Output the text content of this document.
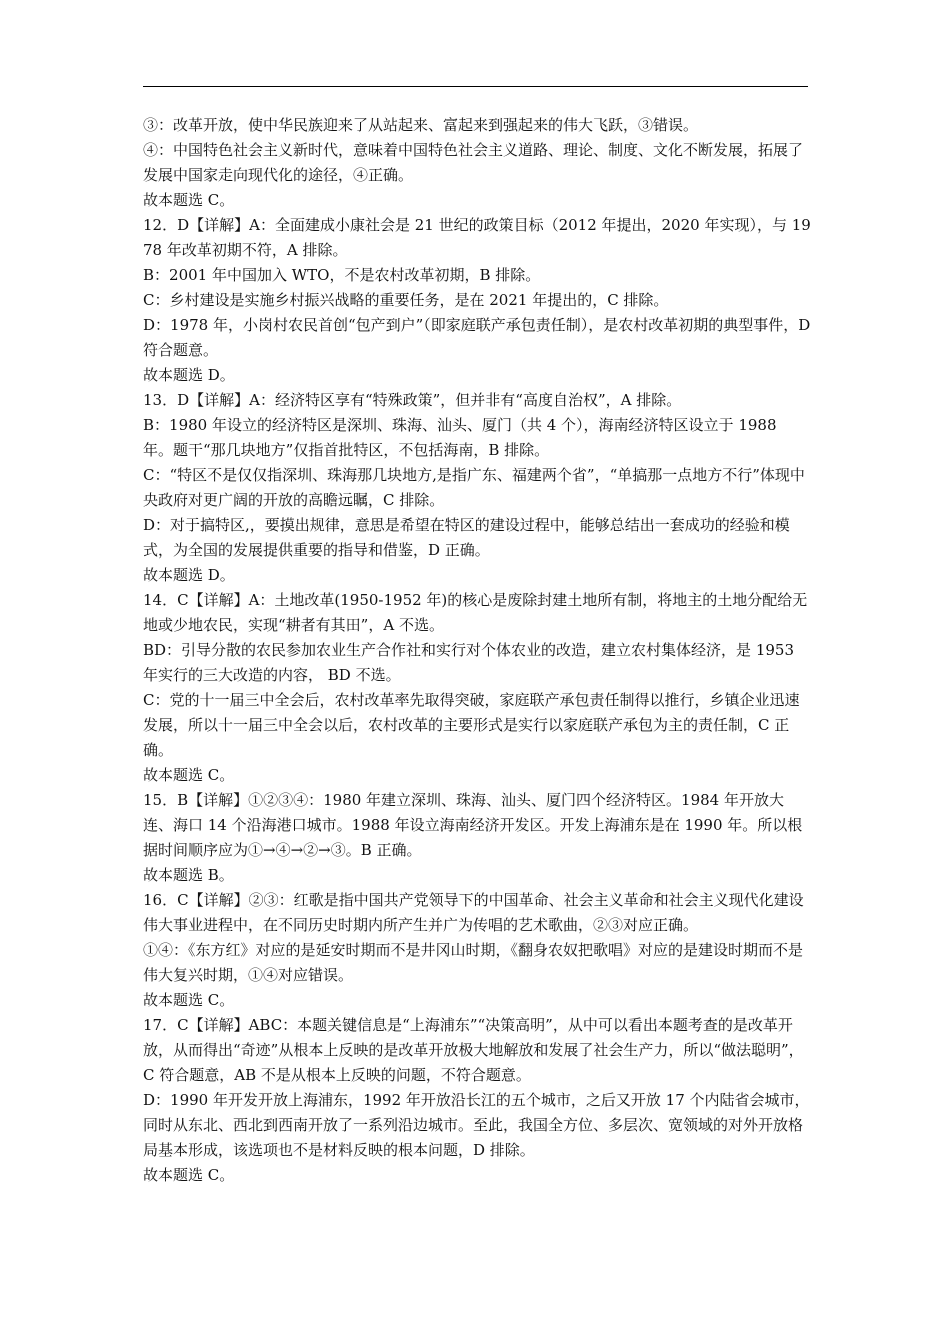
③：改革开放，使中华民族迎来了从站起来、富起来到强起来的伟大飞跃，③错误。

④：中国特色社会主义新时代，意味着中国特色社会主义道路、理论、制度、文化不断发展，拓展了发展中国家走向现代化的途径，④正确。

故本题选 C。

12．D【详解】A：全面建成小康社会是 21 世纪的政策目标（2012 年提出，2020 年实现），与 1978 年改革初期不符，A 排除。

B：2001 年中国加入 WTO，不是农村改革初期，B 排除。

C：乡村建设是实施乡村振兴战略的重要任务，是在 2021 年提出的，C 排除。

D：1978 年，小岗村农民首创“包产到户”（即家庭联产承包责任制），是农村改革初期的典型事件，D 符合题意。

故本题选 D。

13．D【详解】A：经济特区享有“特殊政策”，但并非有“高度自治权”，A 排除。

B：1980 年设立的经济特区是深圳、珠海、汕头、厦门（共 4 个），海南经济特区设立于 1988 年。题干“那几块地方”仅指首批特区，不包括海南，B 排除。

C：“特区不是仅仅指深圳、珠海那几块地方,是指广东、福建两个省”，“单搞那一点地方不行”体现中央政府对更广阔的开放的高瞻远瞩，C 排除。

D：对于搞特区,，要摸出规律，意思是希望在特区的建设过程中，能够总结出一套成功的经验和模式，为全国的发展提供重要的指导和借鉴，D 正确。

故本题选 D。

14．C【详解】A：土地改革(1950-1952 年)的核心是废除封建土地所有制，将地主的土地分配给无地或少地农民，实现“耕者有其田”，A 不选。

BD：引导分散的农民参加农业生产合作社和实行对个体农业的改造，建立农村集体经济，是 1953 年实行的三大改造的内容， BD 不选。

C：党的十一届三中全会后，农村改革率先取得突破，家庭联产承包责任制得以推行，乡镇企业迅速发展，所以十一届三中全会以后，农村改革的主要形式是实行以家庭联产承包为主的责任制，C 正确。

故本题选 C。

15．B【详解】①②③④：1980 年建立深圳、珠海、汕头、厦门四个经济特区。1984 年开放大连、海口 14 个沿海港口城市。1988 年设立海南经济开发区。开发上海浦东是在 1990 年。所以根据时间顺序应为①→④→②→③。B 正确。

故本题选 B。

16．C【详解】②③：红歌是指中国共产党领导下的中国革命、社会主义革命和社会主义现代化建设伟大事业进程中，在不同历史时期内所产生并广为传唱的艺术歌曲，②③对应正确。

①④：《东方红》对应的是延安时期而不是井冈山时期，《翻身农奴把歌唱》对应的是建设时期而不是伟大复兴时期，①④对应错误。

故本题选 C。

17．C【详解】ABC：本题关键信息是“上海浦东”“决策高明”，从中可以看出本题考查的是改革开放，从而得出“奇迹”从根本上反映的是改革开放极大地解放和发展了社会生产力，所以“做法聪明”，C 符合题意，AB 不是从根本上反映的问题，不符合题意。

D：1990 年开发开放上海浦东，1992 年开放沿长江的五个城市，之后又开放 17 个内陆省会城市，同时从东北、西北到西南开放了一系列沿边城市。至此，我国全方位、多层次、宽领域的对外开放格局基本形成，该选项也不是材料反映的根本问题，D 排除。

故本题选 C。
